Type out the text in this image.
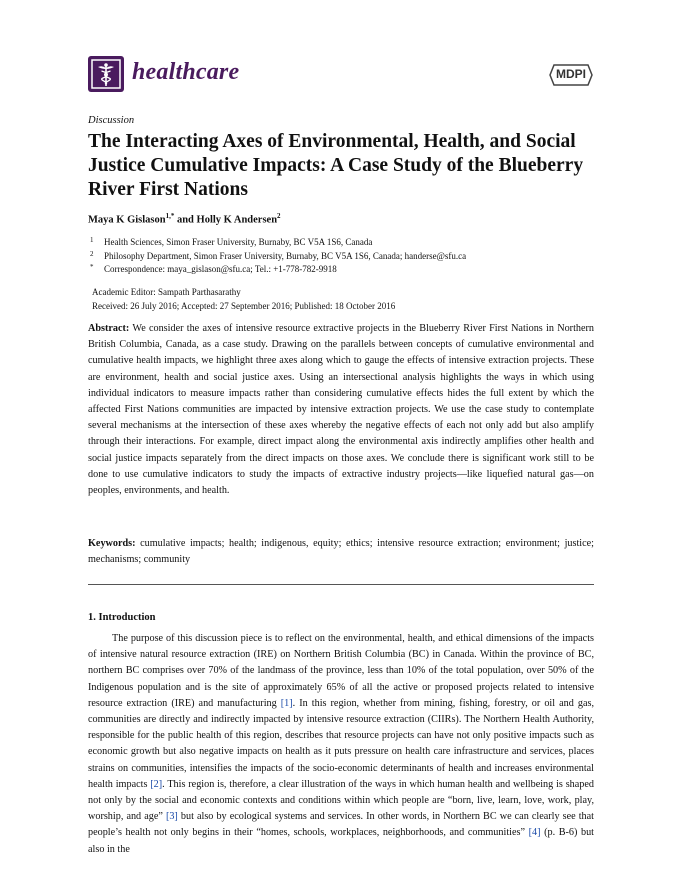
healthcare	MDPI
Discussion
The Interacting Axes of Environmental, Health, and Social Justice Cumulative Impacts: A Case Study of the Blueberry River First Nations
Maya K Gislason$^{1,*}$ and Holly K Andersen$^2$
1 Health Sciences, Simon Fraser University, Burnaby, BC V5A 1S6, Canada
2 Philosophy Department, Simon Fraser University, Burnaby, BC V5A 1S6, Canada; handerse@sfu.ca
* Correspondence: maya_gislason@sfu.ca; Tel.: +1-778-782-9918
Academic Editor: Sampath Parthasarathy
Received: 26 July 2016; Accepted: 27 September 2016; Published: 18 October 2016

Abstract: We consider the axes of intensive resource extractive projects in the Blueberry River First Nations in Northern British Columbia, Canada, as a case study. Drawing on the parallels between concepts of cumulative environmental and cumulative health impacts, we highlight three axes along which to gauge the effects of intensive extraction projects. These are environment, health and social justice axes. Using an intersectional analysis highlights the ways in which using individual indicators to measure impacts rather than considering cumulative effects hides the full extent by which the affected First Nations communities are impacted by intensive extraction projects. We use the case study to contemplate several mechanisms at the intersection of these axes whereby the negative effects of each not only add but also amplify through their interactions. For example, direct impact along the environmental axis indirectly amplifies other health and social justice impacts separately from the direct impacts on those axes. We conclude there is significant work still to be done to use cumulative indicators to study the impacts of extractive industry projects—like liquefied natural gas—on peoples, environments, and health.

Keywords: cumulative impacts; health; indigenous, equity; ethics; intensive resource extraction; environment; justice; mechanisms; community

1. Introduction

The purpose of this discussion piece is to reflect on the environmental, health, and ethical dimensions of the impacts of intensive natural resource extraction (IRE) on Northern British Columbia (BC) in Canada. Within the province of BC, northern BC comprises over 70% of the landmass of the province, less than 10% of the total population, over 50% of the Indigenous population and is the site of approximately 65% of all the active or proposed projects related to intensive resource extraction (IRE) and manufacturing [1]. In this region, whether from mining, fishing, forestry, or oil and gas, communities are directly and indirectly impacted by intensive resource extraction (CIIRs). The Northern Health Authority, responsible for the public health of this region, describes that resource projects can have not only positive impacts such as economic growth but also negative impacts on health as it puts pressure on health care infrastructure and services, places strains on communities, intensifies the impacts of the socio-economic determinants of health and increases environmental health impacts [2]. This region is, therefore, a clear illustration of the ways in which human health and wellbeing is shaped not only by the social and economic contexts and conditions within which people are “born, live, learn, love, work, play, worship, and age” [3] but also by ecological systems and services. In other words, in Northern BC we can clearly see that people’s health not only begins in their “homes, schools, workplaces, neighborhoods, and communities” [4] (p. B-6) but also in the
